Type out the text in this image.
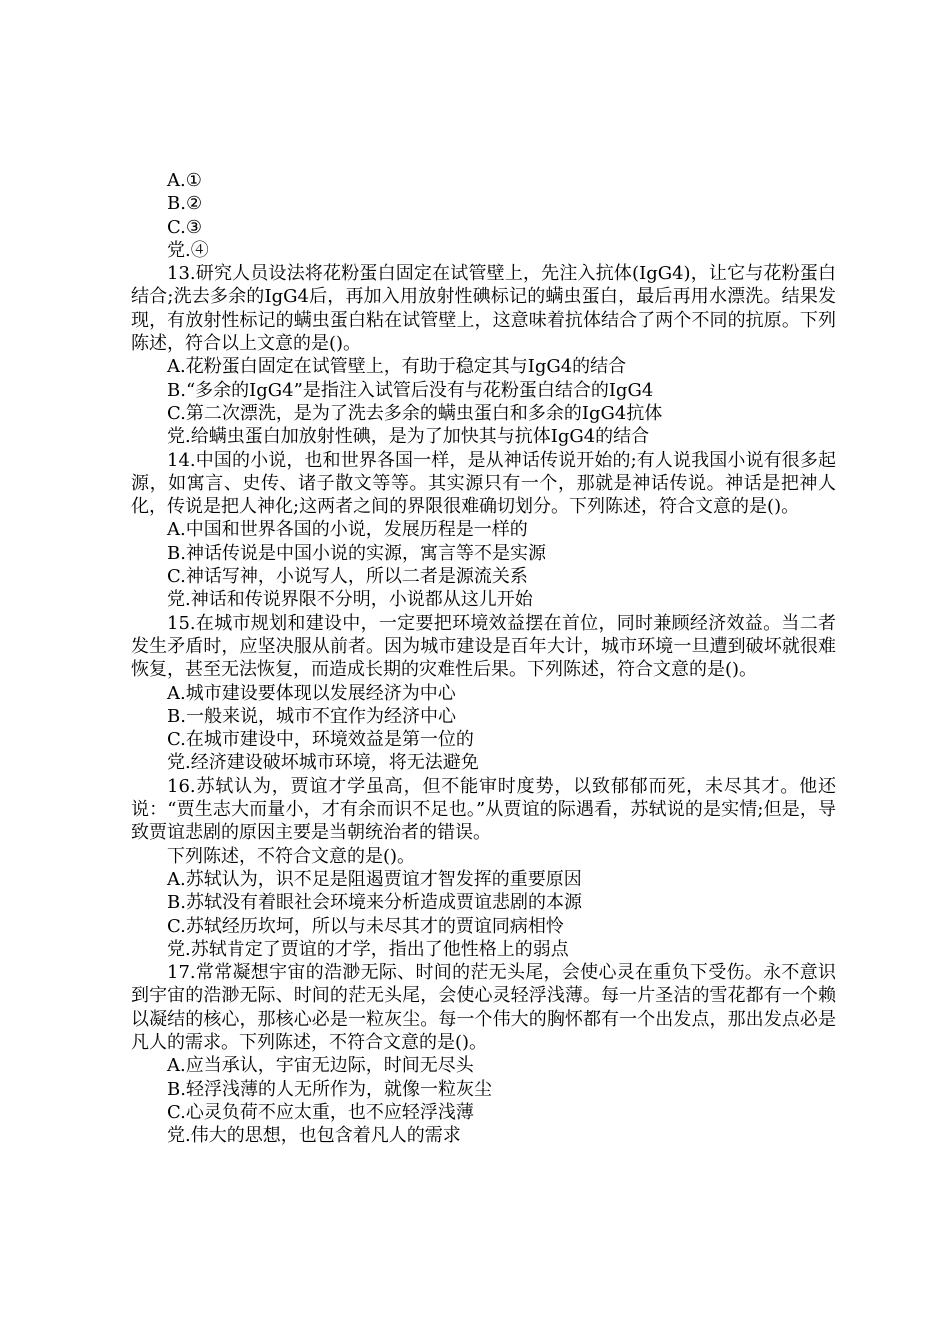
A.①
B.②
C.③
党.④
13.研究人员设法将花粉蛋白固定在试管壁上，先注入抗体(IgG4)，让它与花粉蛋白结合;洗去多余的IgG4后，再加入用放射性碘标记的螨虫蛋白，最后再用水漂洗。结果发现，有放射性标记的螨虫蛋白粘在试管壁上，这意味着抗体结合了两个不同的抗原。下列陈述，符合以上文意的是()。
A.花粉蛋白固定在试管壁上，有助于稳定其与IgG4的结合
B.“多余的IgG4”是指注入试管后没有与花粉蛋白结合的IgG4
C.第二次漂洗，是为了洗去多余的螨虫蛋白和多余的IgG4抗体
党.给螨虫蛋白加放射性碘，是为了加快其与抗体IgG4的结合
14.中国的小说，也和世界各国一样，是从神话传说开始的;有人说我国小说有很多起源，如寓言、史传、诸子散文等等。其实源只有一个，那就是神话传说。神话是把神人化，传说是把人神化;这两者之间的界限很难确切划分。下列陈述，符合文意的是()。
A.中国和世界各国的小说，发展历程是一样的
B.神话传说是中国小说的实源，寓言等不是实源
C.神话写神，小说写人，所以二者是源流关系
党.神话和传说界限不分明，小说都从这儿开始
15.在城市规划和建设中，一定要把环境效益摆在首位，同时兼顾经济效益。当二者发生矛盾时，应坚决服从前者。因为城市建设是百年大计，城市环境一旦遭到破坏就很难恢复，甚至无法恢复，而造成长期的灾难性后果。下列陈述，符合文意的是()。
A.城市建设要体现以发展经济为中心
B.一般来说，城市不宜作为经济中心
C.在城市建设中，环境效益是第一位的
党.经济建设破坏城市环境，将无法避免
16.苏轼认为，贾谊才学虽高，但不能审时度势，以致郁郁而死，未尽其才。他还说：“贾生志大而量小，才有余而识不足也。”从贾谊的际遇看，苏轼说的是实情;但是，导致贾谊悲剧的原因主要是当朝统治者的错误。
下列陈述，不符合文意的是()。
A.苏轼认为，识不足是阻遏贾谊才智发挥的重要原因
B.苏轼没有着眼社会环境来分析造成贾谊悲剧的本源
C.苏轼经历坎坷，所以与未尽其才的贾谊同病相怜
党.苏轼肯定了贾谊的才学，指出了他性格上的弱点
17.常常凝想宇宙的浩渺无际、时间的茫无头尾，会使心灵在重负下受伤。永不意识到宇宙的浩渺无际、时间的茫无头尾，会使心灵轻浮浅薄。每一片圣洁的雪花都有一个赖以凝结的核心，那核心必是一粒灰尘。每一个伟大的胸怀都有一个出发点，那出发点必是凡人的需求。下列陈述，不符合文意的是()。
A.应当承认，宇宙无边际，时间无尽头
B.轻浮浅薄的人无所作为，就像一粒灰尘
C.心灵负荷不应太重，也不应轻浮浅薄
党.伟大的思想，也包含着凡人的需求
